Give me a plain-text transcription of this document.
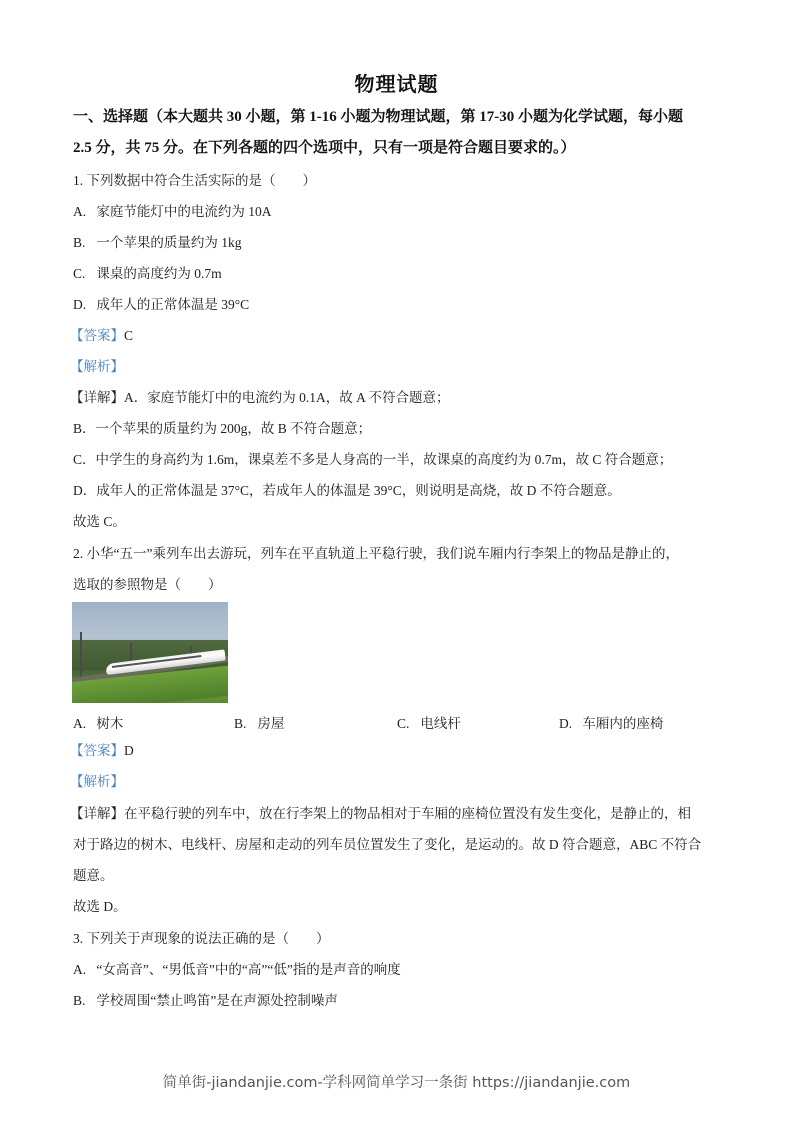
物理试题
一、选择题（本大题共 30 小题，第 1-16 小题为物理试题，第 17-30 小题为化学试题，每小题
2.5 分，共 75 分。在下列各题的四个选项中，只有一项是符合题目要求的。）
1. 下列数据中符合生活实际的是（　　）
A. 家庭节能灯中的电流约为 10A
B. 一个苹果的质量约为 1kg
C. 课桌的高度约为 0.7m
D. 成年人的正常体温是 39°C
【答案】C
【解析】
【详解】A．家庭节能灯中的电流约为 0.1A，故 A 不符合题意；
B．一个苹果的质量约为 200g，故 B 不符合题意；
C．中学生的身高约为 1.6m，课桌差不多是人身高的一半，故课桌的高度约为 0.7m，故 C 符合题意；
D．成年人的正常体温是 37°C，若成年人的体温是 39°C，则说明是高烧，故 D 不符合题意。
故选 C。
2. 小华“五一”乘列车出去游玩，列车在平直轨道上平稳行驶，我们说车厢内行李架上的物品是静止的，
选取的参照物是（　　）
A. 树木	B. 房屋	C. 电线杆	D. 车厢内的座椅
【答案】D
【解析】
【详解】在平稳行驶的列车中，放在行李架上的物品相对于车厢的座椅位置没有发生变化，是静止的，相
对于路边的树木、电线杆、房屋和走动的列车员位置发生了变化，是运动的。故 D 符合题意，ABC 不符合
题意。
故选 D。
3. 下列关于声现象的说法正确的是（　　）
A. “女高音”、“男低音”中的“高”“低”指的是声音的响度
B. 学校周围“禁止鸣笛”是在声源处控制噪声
简单街-jiandanjie.com-学科网简单学习一条街 https://jiandanjie.com
